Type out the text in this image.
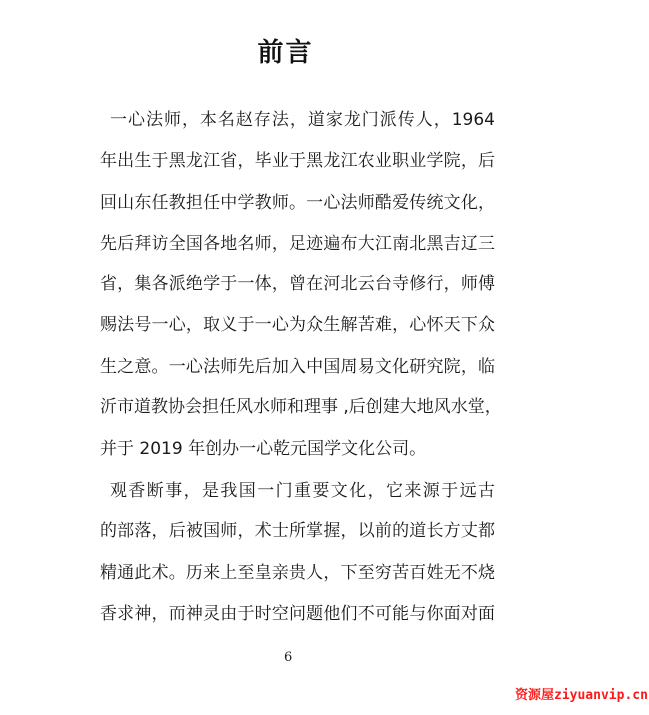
前言
一心法师，本名赵存法，道家龙门派传人，1964
年出生于黑龙江省，毕业于黑龙江农业职业学院，后
回山东任教担任中学教师。一心法师酷爱传统文化，
先后拜访全国各地名师，足迹遍布大江南北黑吉辽三
省，集各派绝学于一体，曾在河北云台寺修行，师傅
赐法号一心，取义于一心为众生解苦难，心怀天下众
生之意。一心法师先后加入中国周易文化研究院，临
沂市道教协会担任风水师和理事 ,后创建大地风水堂，
并于 2019 年创办一心乾元国学文化公司。
观香断事，是我国一门重要文化，它来源于远古
的部落，后被国师，术士所掌握，以前的道长方丈都
精通此术。历来上至皇亲贵人，下至穷苦百姓无不烧
香求神，而神灵由于时空问题他们不可能与你面对面
6
资源屋ziyuanvip.cn
